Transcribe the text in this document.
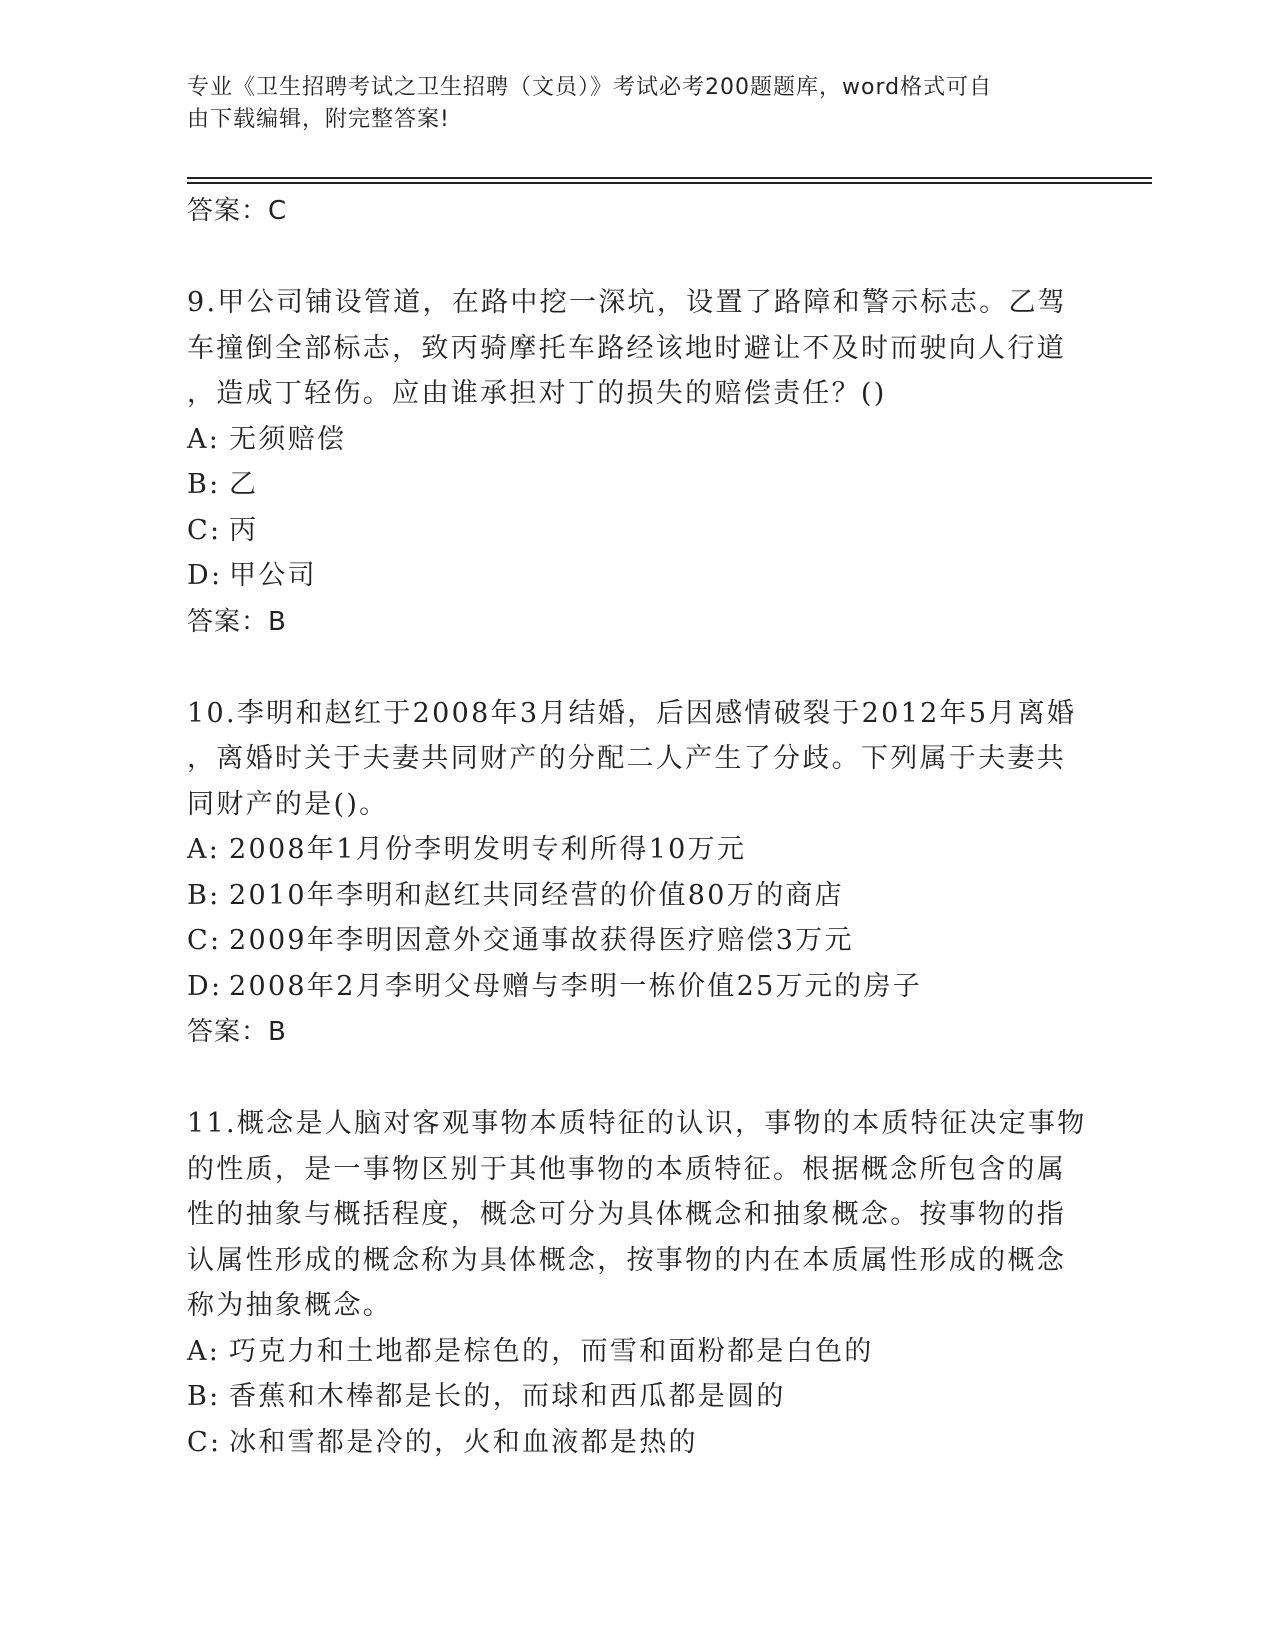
专业《卫生招聘考试之卫生招聘（文员）》考试必考200题题库，word格式可自
由下载编辑，附完整答案!
答案：C
9.甲公司铺设管道，在路中挖一深坑，设置了路障和警示标志。乙驾
车撞倒全部标志，致丙骑摩托车路经该地时避让不及时而驶向人行道
，造成丁轻伤。应由谁承担对丁的损失的赔偿责任？()
A: 无须赔偿
B: 乙
C: 丙
D: 甲公司
答案：B
10.李明和赵红于2008年3月结婚，后因感情破裂于2012年5月离婚
，离婚时关于夫妻共同财产的分配二人产生了分歧。下列属于夫妻共
同财产的是()。
A: 2008年1月份李明发明专利所得10万元
B: 2010年李明和赵红共同经营的价值80万的商店
C: 2009年李明因意外交通事故获得医疗赔偿3万元
D: 2008年2月李明父母赠与李明一栋价值25万元的房子
答案：B
11.概念是人脑对客观事物本质特征的认识，事物的本质特征决定事物
的性质，是一事物区别于其他事物的本质特征。根据概念所包含的属
性的抽象与概括程度，概念可分为具体概念和抽象概念。按事物的指
认属性形成的概念称为具体概念，按事物的内在本质属性形成的概念
称为抽象概念。
A: 巧克力和土地都是棕色的，而雪和面粉都是白色的
B: 香蕉和木棒都是长的，而球和西瓜都是圆的
C: 冰和雪都是冷的，火和血液都是热的
